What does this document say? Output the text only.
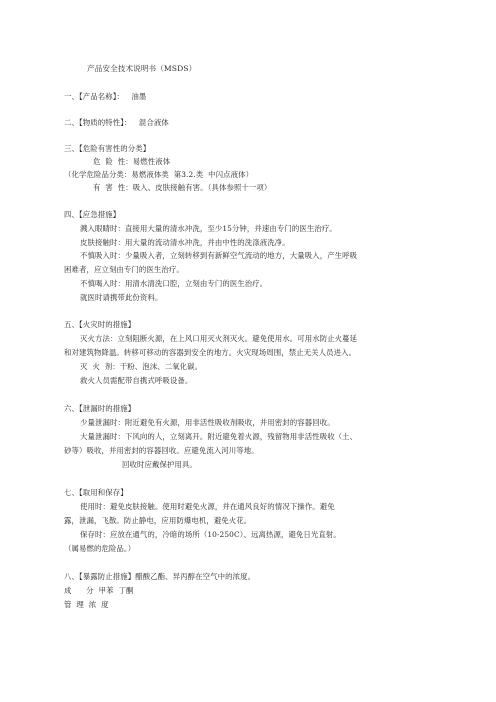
产品安全技术说明书（MSDS）
一、【产品名称】：   油墨
二、【物质的特性】：   混合液体
三、【危险有害性的分类】
危  险  性：易燃性液体
（化学危险品分类：易燃液体类  第3.2.类  中闪点液体）
有  害  性：吸入、皮肤接触有害。（具体参照十一项）
四、【应急措施】
溅入眼睛时：直接用大量的清水冲洗，至少15分钟，并速由专门的医生治疗。
皮肤接触时：用大量的流动清水冲洗，并由中性的洗涤液洗净。
不慎吸入时：少量吸入者，立刻转移到有新鲜空气流动的地方，大量吸入，产生呼吸
困难者，应立刻由专门的医生治疗。
不慎喝入时：用清水清洗口腔，立刻由专门的医生治疗。
就医时请携带此份资料。
五、【火灾时的措施】
灭火方法：立刻阻断火源，在上风口用灭火剂灭火。避免使用水。可用水防止火蔓延
和对建筑物降温。转移可移动的容器到安全的地方。火灾现场周围，禁止无关人员进入。
灭  火  剂：干粉、泡沫、二氧化碳。
救火人员需配带自携式呼吸设备。
六、【泄漏时的措施】
少量泄漏时：附近避免有火源，用非活性吸收剂吸收，并用密封的容器回收。
大量泄漏时：下风向的人，立刻离开。附近避免着火源，残留物用非活性吸收（土、
砂等）吸收，并用密封的容器回收。应避免流入河川等地。
回收时应戴保护用具。
七、【取用和保存】
使用时：避免皮肤接触。使用时避免火源，并在通风良好的情况下操作。避免
露，泄漏，飞散。防止静电，应用防爆电机，避免火花。
保存时：应放在通气的，冷暗的场所（10-250C）、远离热源，避免日光直射。
（属易燃的危险品。）
八、【暴露防止措施】醋酸乙酯、异丙醇在空气中的浓度。
成      分  甲苯  丁酮
管  理  浓  度
